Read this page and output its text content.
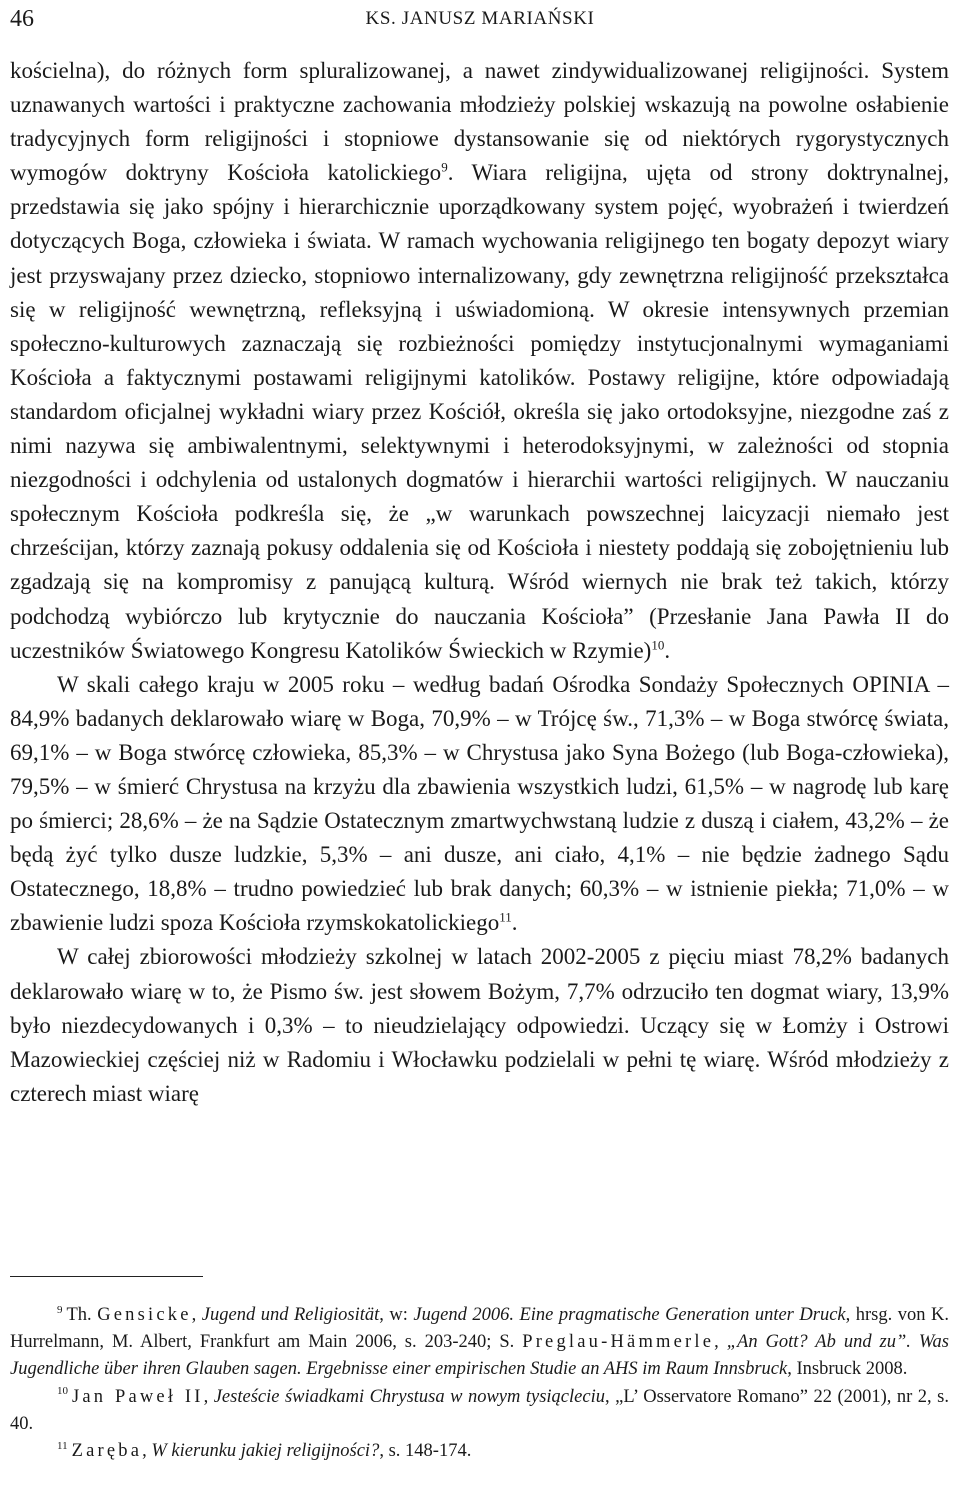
46	KS. JANUSZ MARIAŃSKI

kościelna), do różnych form spluralizowanej, a nawet zindywidualizowanej religijności. System uznawanych wartości i praktyczne zachowania młodzieży polskiej wskazują na powolne osłabienie tradycyjnych form religijności i stopniowe dystansowanie się od niektórych rygorystycznych wymogów doktryny Kościoła katolickiego$^9$. Wiara religijna, ujęta od strony doktrynalnej, przedstawia się jako spójny i hierarchicznie uporządkowany system pojęć, wyobrażeń i twierdzeń dotyczących Boga, człowieka i świata. W ramach wychowania religijnego ten bogaty depozyt wiary jest przyswajany przez dziecko, stopniowo internalizowany, gdy zewnętrzna religijność przekształca się w religijność wewnętrzną, refleksyjną i uświadomioną. W okresie intensywnych przemian społeczno-kulturowych zaznaczają się rozbieżności pomiędzy instytucjonalnymi wymaganiami Kościoła a faktycznymi postawami religijnymi katolików. Postawy religijne, które odpowiadają standardom oficjalnej wykładni wiary przez Kościół, określa się jako ortodoksyjne, niezgodne zaś z nimi nazywa się ambiwalentnymi, selektywnymi i heterodoksyjnymi, w zależności od stopnia niezgodności i odchylenia od ustalonych dogmatów i hierarchii wartości religijnych. W nauczaniu społecznym Kościoła podkreśla się, że „w warunkach powszechnej laicyzacji niemało jest chrześcijan, którzy zaznają pokusy oddalenia się od Kościoła i niestety poddają się zobojętnieniu lub zgadzają się na kompromisy z panującą kulturą. Wśród wiernych nie brak też takich, którzy podchodzą wybiórczo lub krytycznie do nauczania Kościoła” (Przesłanie Jana Pawła II do uczestników Światowego Kongresu Katolików Świeckich w Rzymie)$^{10}$.

W skali całego kraju w 2005 roku – według badań Ośrodka Sondaży Społecznych OPINIA – 84,9% badanych deklarowało wiarę w Boga, 70,9% – w Trójcę św., 71,3% – w Boga stwórcę świata, 69,1% – w Boga stwórcę człowieka, 85,3% – w Chrystusa jako Syna Bożego (lub Boga-człowieka), 79,5% – w śmierć Chrystusa na krzyżu dla zbawienia wszystkich ludzi, 61,5% – w nagrodę lub karę po śmierci; 28,6% – że na Sądzie Ostatecznym zmartwychwstaną ludzie z duszą i ciałem, 43,2% – że będą żyć tylko dusze ludzkie, 5,3% – ani dusze, ani ciało, 4,1% – nie będzie żadnego Sądu Ostatecznego, 18,8% – trudno powiedzieć lub brak danych; 60,3% – w istnienie piekła; 71,0% – w zbawienie ludzi spoza Kościoła rzymskokatolickiego$^{11}$.

W całej zbiorowości młodzieży szkolnej w latach 2002-2005 z pięciu miast 78,2% badanych deklarowało wiarę w to, że Pismo św. jest słowem Bożym, 7,7% odrzuciło ten dogmat wiary, 13,9% było niezdecydowanych i 0,3% – to nieudzielający odpowiedzi. Uczący się w Łomży i Ostrowi Mazowieckiej częściej niż w Radomiu i Włocławku podzielali w pełni tę wiarę. Wśród młodzieży z czterech miast wiarę

$^9$ Th. Gensicke, Jugend und Religiosität, w: Jugend 2006. Eine pragmatische Generation unter Druck, hrsg. von K. Hurrelmann, M. Albert, Frankfurt am Main 2006, s. 203-240; S. Preglau-Hämmerle, „An Gott? Ab und zu”. Was Jugendliche über ihren Glauben sagen. Ergebnisse einer empirischen Studie an AHS im Raum Innsbruck, Insbruck 2008.

$^{10}$ Jan Paweł II, Jesteście świadkami Chrystusa w nowym tysiącleciu, „L’ Osservatore Romano” 22 (2001), nr 2, s. 40.

$^{11}$ Zaręba, W kierunku jakiej religijności?, s. 148-174.
